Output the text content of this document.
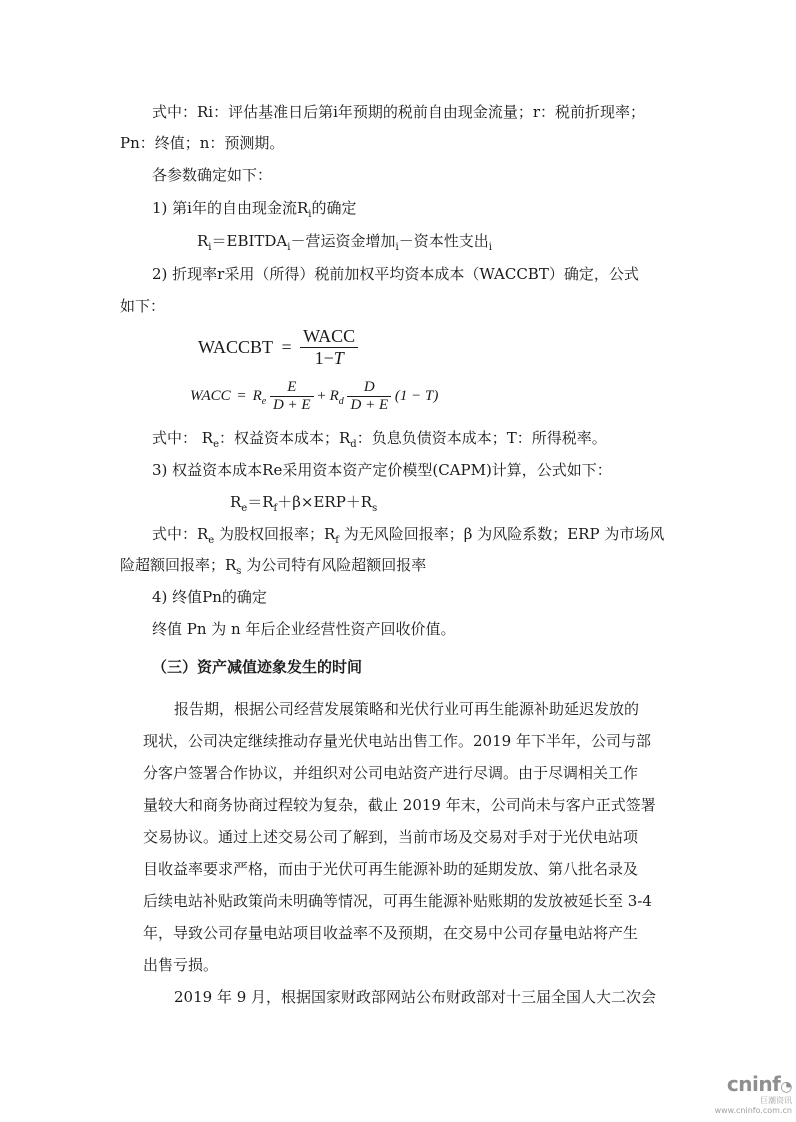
式中：Ri：评估基准日后第i年预期的税前自由现金流量；r：税前折现率；
Pn：终值；n：预测期。
各参数确定如下：
1) 第i年的自由现金流$R_i$的确定
$R_i=EBITDA_i-$营运资金增加$_i$－资本性支出$_i$
2) 折现率r采用（所得）税前加权平均资本成本（WACCBT）确定，公式
如下：
WACCBT = $\frac{\text{WACC}}{1-T}$
WACC = $R_e \frac{E}{D + E} + R_d \frac{D}{D + E} (1 - T)$
式中： $R_e$：权益资本成本；$R_d$：负息负债资本成本；T：所得税率。
3) 权益资本成本Re采用资本资产定价模型(CAPM)计算，公式如下：
$R_e=R_f+\beta\times ERP+R_s$
式中：$R_e$ 为股权回报率；$R_f$ 为无风险回报率；β 为风险系数；ERP 为市场风
险超额回报率；$R_s$ 为公司特有风险超额回报率
4) 终值Pn的确定
终值 Pn 为 n 年后企业经营性资产回收价值。
（三）资产减值迹象发生的时间
报告期，根据公司经营发展策略和光伏行业可再生能源补助延迟发放的
现状，公司决定继续推动存量光伏电站出售工作。2019 年下半年，公司与部
分客户签署合作协议，并组织对公司电站资产进行尽调。由于尽调相关工作
量较大和商务协商过程较为复杂，截止 2019 年末，公司尚未与客户正式签署
交易协议。通过上述交易公司了解到，当前市场及交易对手对于光伏电站项
目收益率要求严格，而由于光伏可再生能源补助的延期发放、第八批名录及
后续电站补贴政策尚未明确等情况，可再生能源补贴账期的发放被延长至 3-4
年，导致公司存量电站项目收益率不及预期，在交易中公司存量电站将产生
出售亏损。
2019 年 9 月，根据国家财政部网站公布财政部对十三届全国人大二次会
cninf◔
巨潮资讯
www.cninfo.com.cn
